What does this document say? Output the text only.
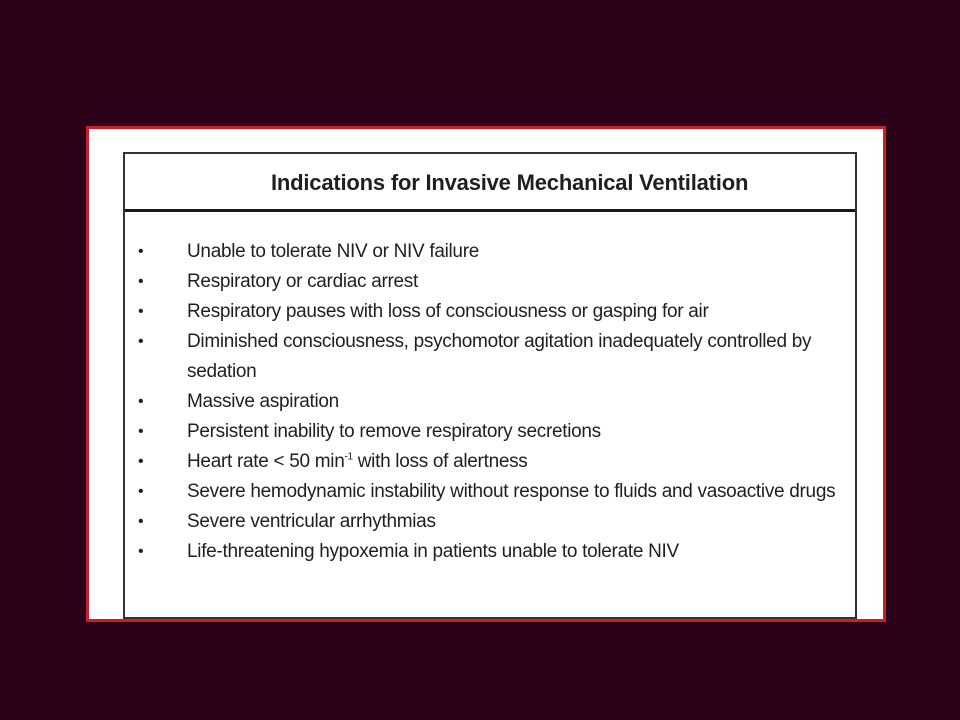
Indications for Invasive Mechanical Ventilation
• Unable to tolerate NIV or NIV failure
• Respiratory or cardiac arrest
• Respiratory pauses with loss of consciousness or gasping for air
• Diminished consciousness, psychomotor agitation inadequately controlled by sedation
• Massive aspiration
• Persistent inability to remove respiratory secretions
• Heart rate < 50 $\min^{-1}$ with loss of alertness
• Severe hemodynamic instability without response to fluids and vasoactive drugs
• Severe ventricular arrhythmias
• Life-threatening hypoxemia in patients unable to tolerate NIV
